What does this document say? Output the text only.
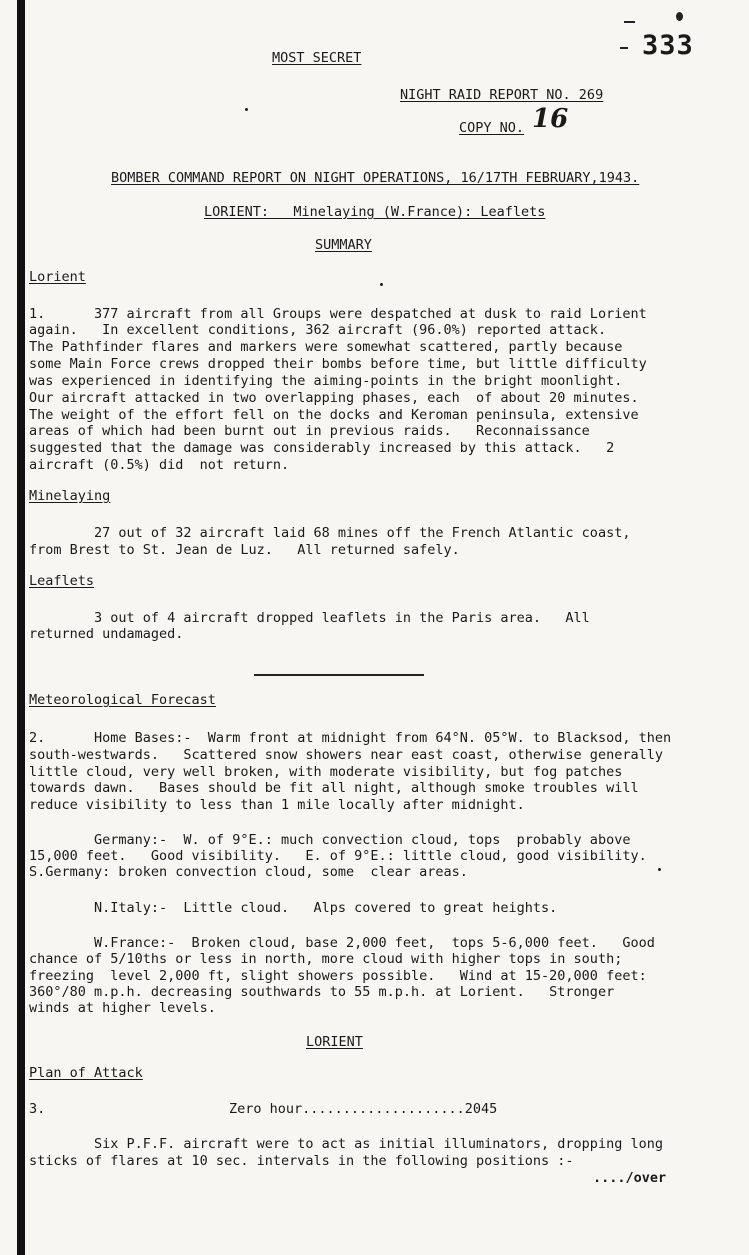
333
MOST SECRET
NIGHT RAID REPORT NO. 269
COPY NO. 16
BOMBER COMMAND REPORT ON NIGHT OPERATIONS, 16/17TH FEBRUARY,1943.
LORIENT:   Minelaying (W.France): Leaflets
SUMMARY
Lorient
1.      377 aircraft from all Groups were despatched at dusk to raid Lorient
again.   In excellent conditions, 362 aircraft (96.0%) reported attack.
The Pathfinder flares and markers were somewhat scattered, partly because
some Main Force crews dropped their bombs before time, but little difficulty
was experienced in identifying the aiming-points in the bright moonlight.
Our aircraft attacked in two overlapping phases, each  of about 20 minutes.
The weight of the effort fell on the docks and Keroman peninsula, extensive
areas of which had been burnt out in previous raids.   Reconnaissance
suggested that the damage was considerably increased by this attack.   2
aircraft (0.5%) did  not return.
Minelaying
27 out of 32 aircraft laid 68 mines off the French Atlantic coast,
from Brest to St. Jean de Luz.   All returned safely.
Leaflets
3 out of 4 aircraft dropped leaflets in the Paris area.   All
returned undamaged.
Meteorological Forecast
2.      Home Bases:-  Warm front at midnight from 64°N. 05°W. to Blacksod, then
south-westwards.   Scattered snow showers near east coast, otherwise generally
little cloud, very well broken, with moderate visibility, but fog patches
towards dawn.   Bases should be fit all night, although smoke troubles will
reduce visibility to less than 1 mile locally after midnight.
Germany:-  W. of 9°E.: much convection cloud, tops  probably above
15,000 feet.   Good visibility.   E. of 9°E.: little cloud, good visibility.
S.Germany: broken convection cloud, some  clear areas.
N.Italy:-  Little cloud.   Alps covered to great heights.
W.France:-  Broken cloud, base 2,000 feet,  tops 5-6,000 feet.   Good
chance of 5/10ths or less in north, more cloud with higher tops in south;
freezing  level 2,000 ft, slight showers possible.   Wind at 15-20,000 feet:
360°/80 m.p.h. decreasing southwards to 55 m.p.h. at Lorient.   Stronger
winds at higher levels.
LORIENT
Plan of Attack
3.	Zero hour....................2045
Six P.F.F. aircraft were to act as initial illuminators, dropping long
sticks of flares at 10 sec. intervals in the following positions :-
..../over
